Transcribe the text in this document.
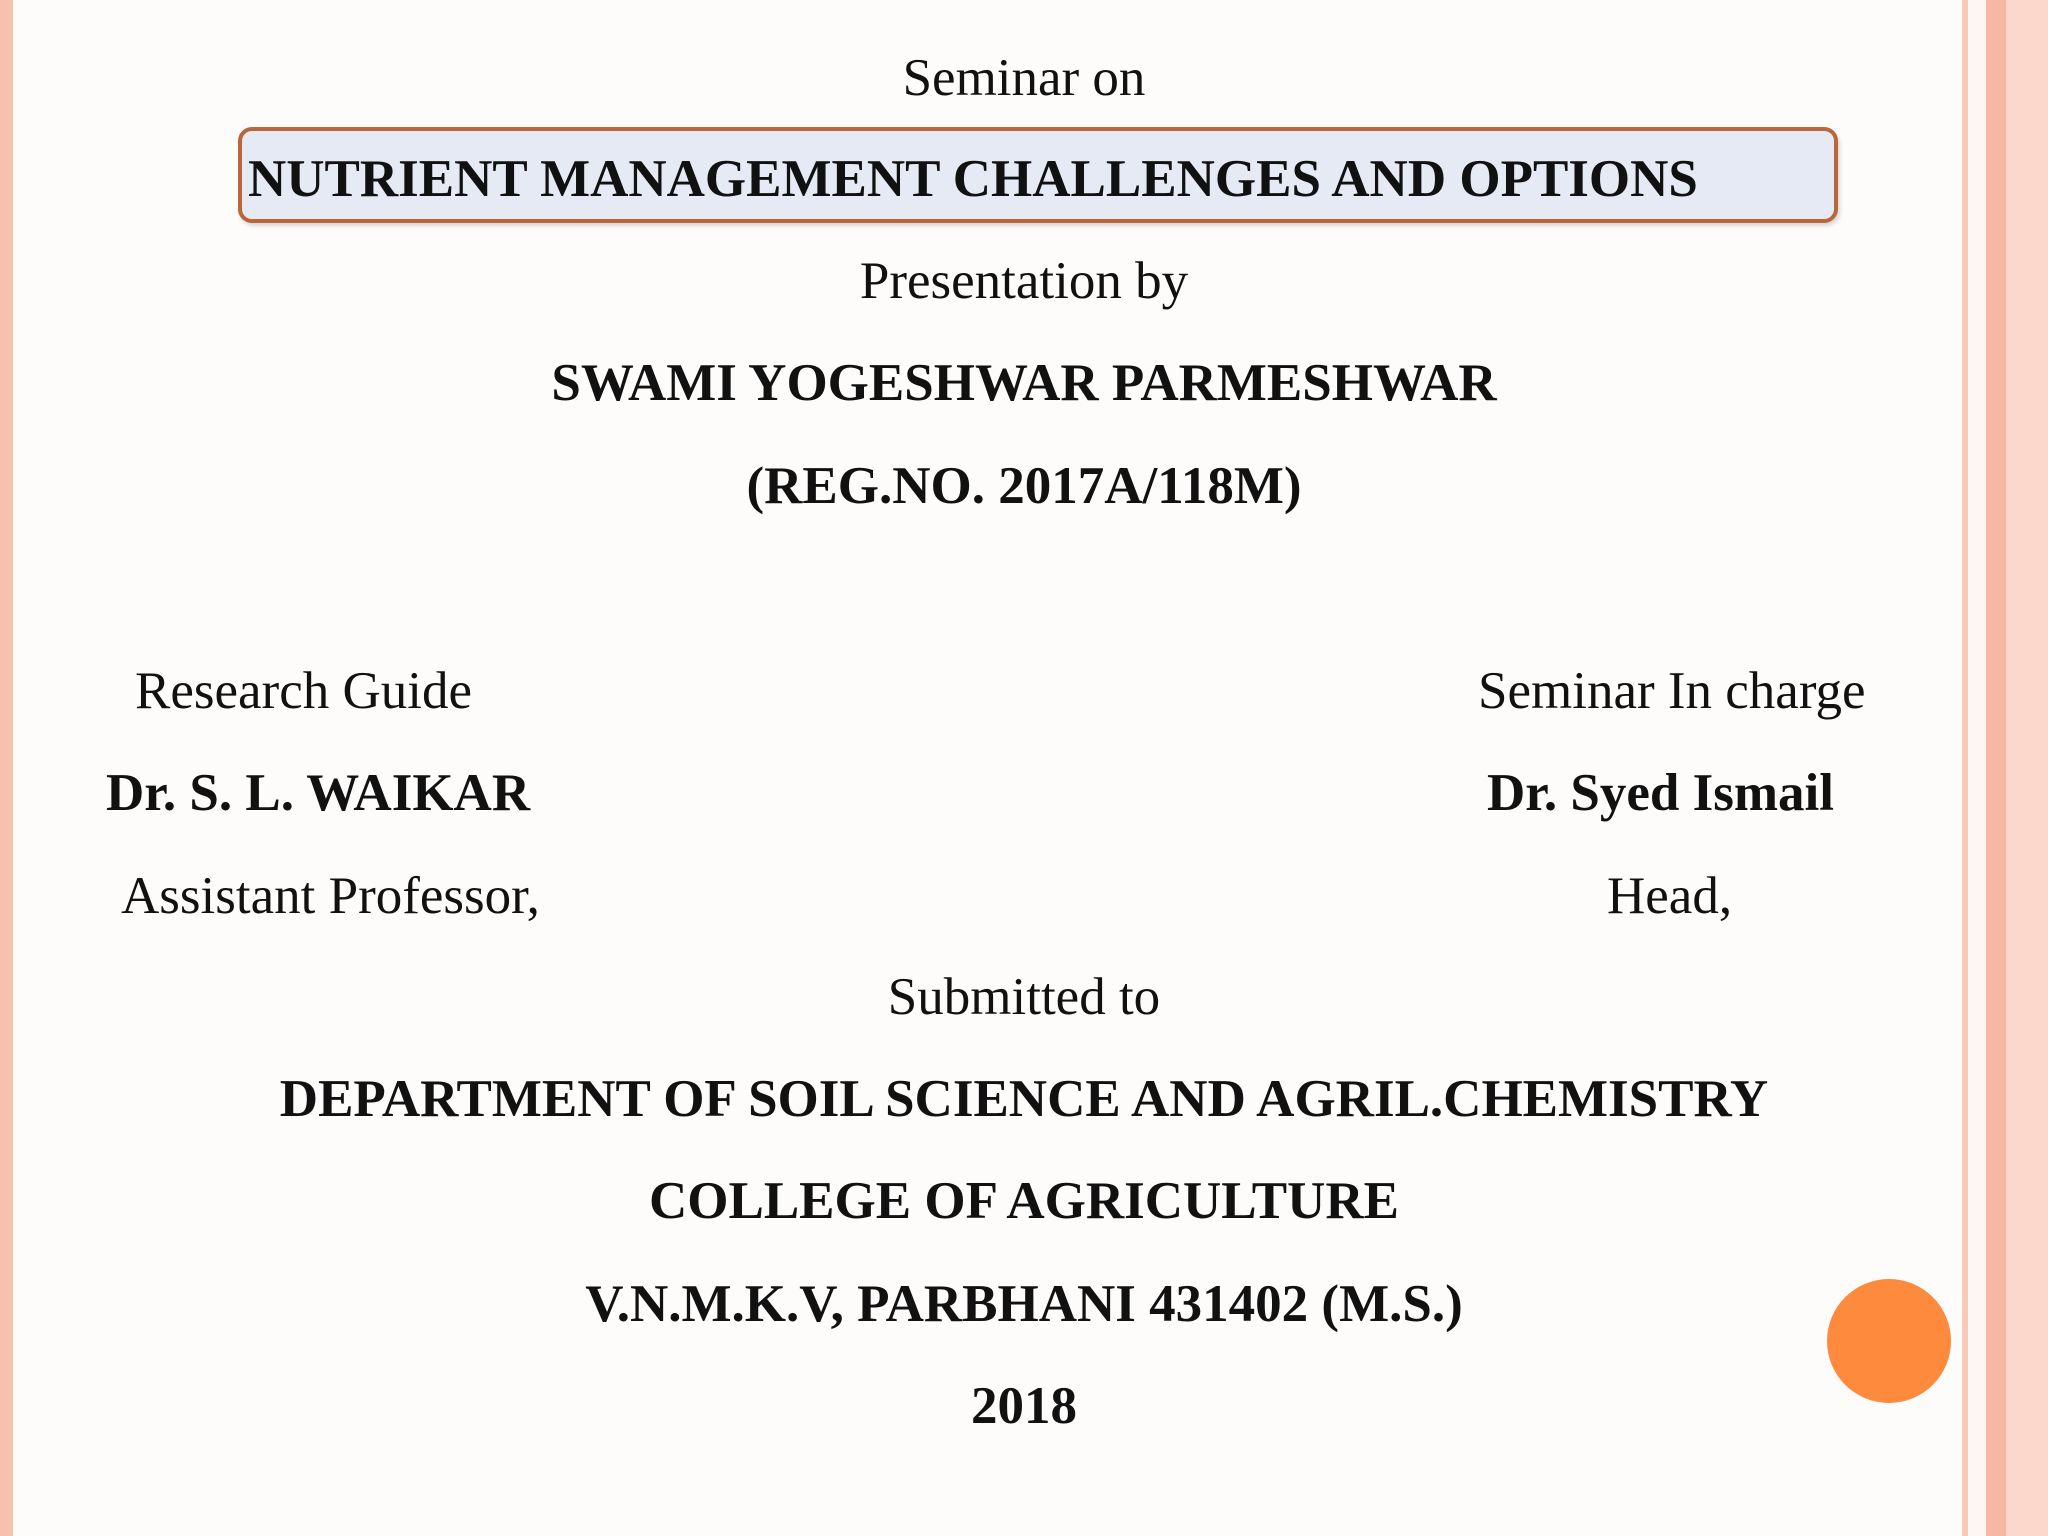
Seminar on
NUTRIENT MANAGEMENT CHALLENGES AND OPTIONS
Presentation by
SWAMI YOGESHWAR PARMESHWAR
(REG.NO. 2017A/118M)
Research Guide
Dr. S. L. WAIKAR
Assistant Professor,
Seminar In charge
Dr. Syed Ismail
Head,
Submitted to
DEPARTMENT OF SOIL SCIENCE AND AGRIL.CHEMISTRY
COLLEGE OF AGRICULTURE
V.N.M.K.V, PARBHANI 431402 (M.S.)
2018
